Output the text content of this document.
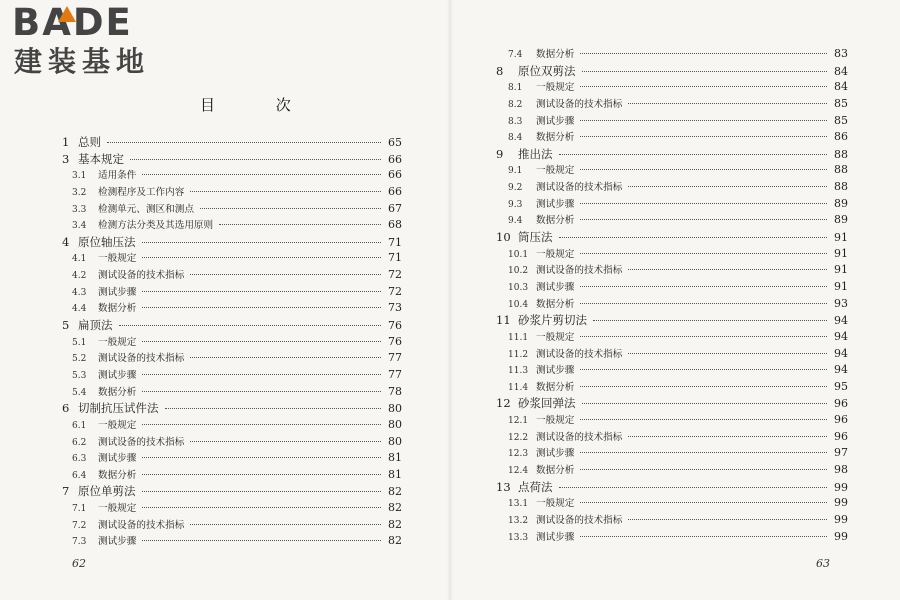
BADE
建装基地
目 次
1 总则	65
3 基本规定	66
3.1	适用条件	66
3.2	检测程序及工作内容	66
3.3	检测单元、测区和测点	67
3.4	检测方法分类及其选用原则	68
4 原位轴压法	71
4.1	一般规定	71
4.2	测试设备的技术指标	72
4.3	测试步骤	72
4.4	数据分析	73
5 扁顶法	76
5.1	一般规定	76
5.2	测试设备的技术指标	77
5.3	测试步骤	77
5.4	数据分析	78
6 切制抗压试件法	80
6.1	一般规定	80
6.2	测试设备的技术指标	80
6.3	测试步骤	81
6.4	数据分析	81
7 原位单剪法	82
7.1	一般规定	82
7.2	测试设备的技术指标	82
7.3	测试步骤	82
62
7.4	数据分析	83
8	原位双剪法	84
8.1	一般规定	84
8.2	测试设备的技术指标	85
8.3	测试步骤	85
8.4	数据分析	86
9	推出法	88
9.1	一般规定	88
9.2	测试设备的技术指标	88
9.3	测试步骤	89
9.4	数据分析	89
10 筒压法	91
10.1 一般规定	91
10.2 测试设备的技术指标	91
10.3 测试步骤	91
10.4 数据分析	93
11 砂浆片剪切法	94
11.1 一般规定	94
11.2 测试设备的技术指标	94
11.3 测试步骤	94
11.4 数据分析	95
12 砂浆回弹法	96
12.1 一般规定	96
12.2 测试设备的技术指标	96
12.3 测试步骤	97
12.4 数据分析	98
13 点荷法	99
13.1 一般规定	99
13.2 测试设备的技术指标	99
13.3 测试步骤	99
63
